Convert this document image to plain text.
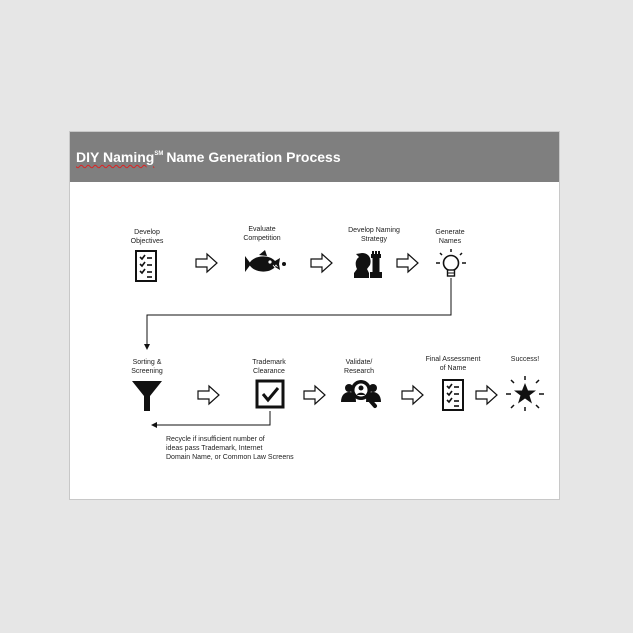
DIY Naming℠ Name Generation Process
Develop
Objectives
Evaluate
Competition
Develop Naming
Strategy
Generate
Names
Sorting &
Screening
Trademark
Clearance
Validate/
Research
Final Assessment
of Name
Success!
Recycle if insufficient number of
ideas pass Trademark, Internet
Domain Name, or Common Law Screens
